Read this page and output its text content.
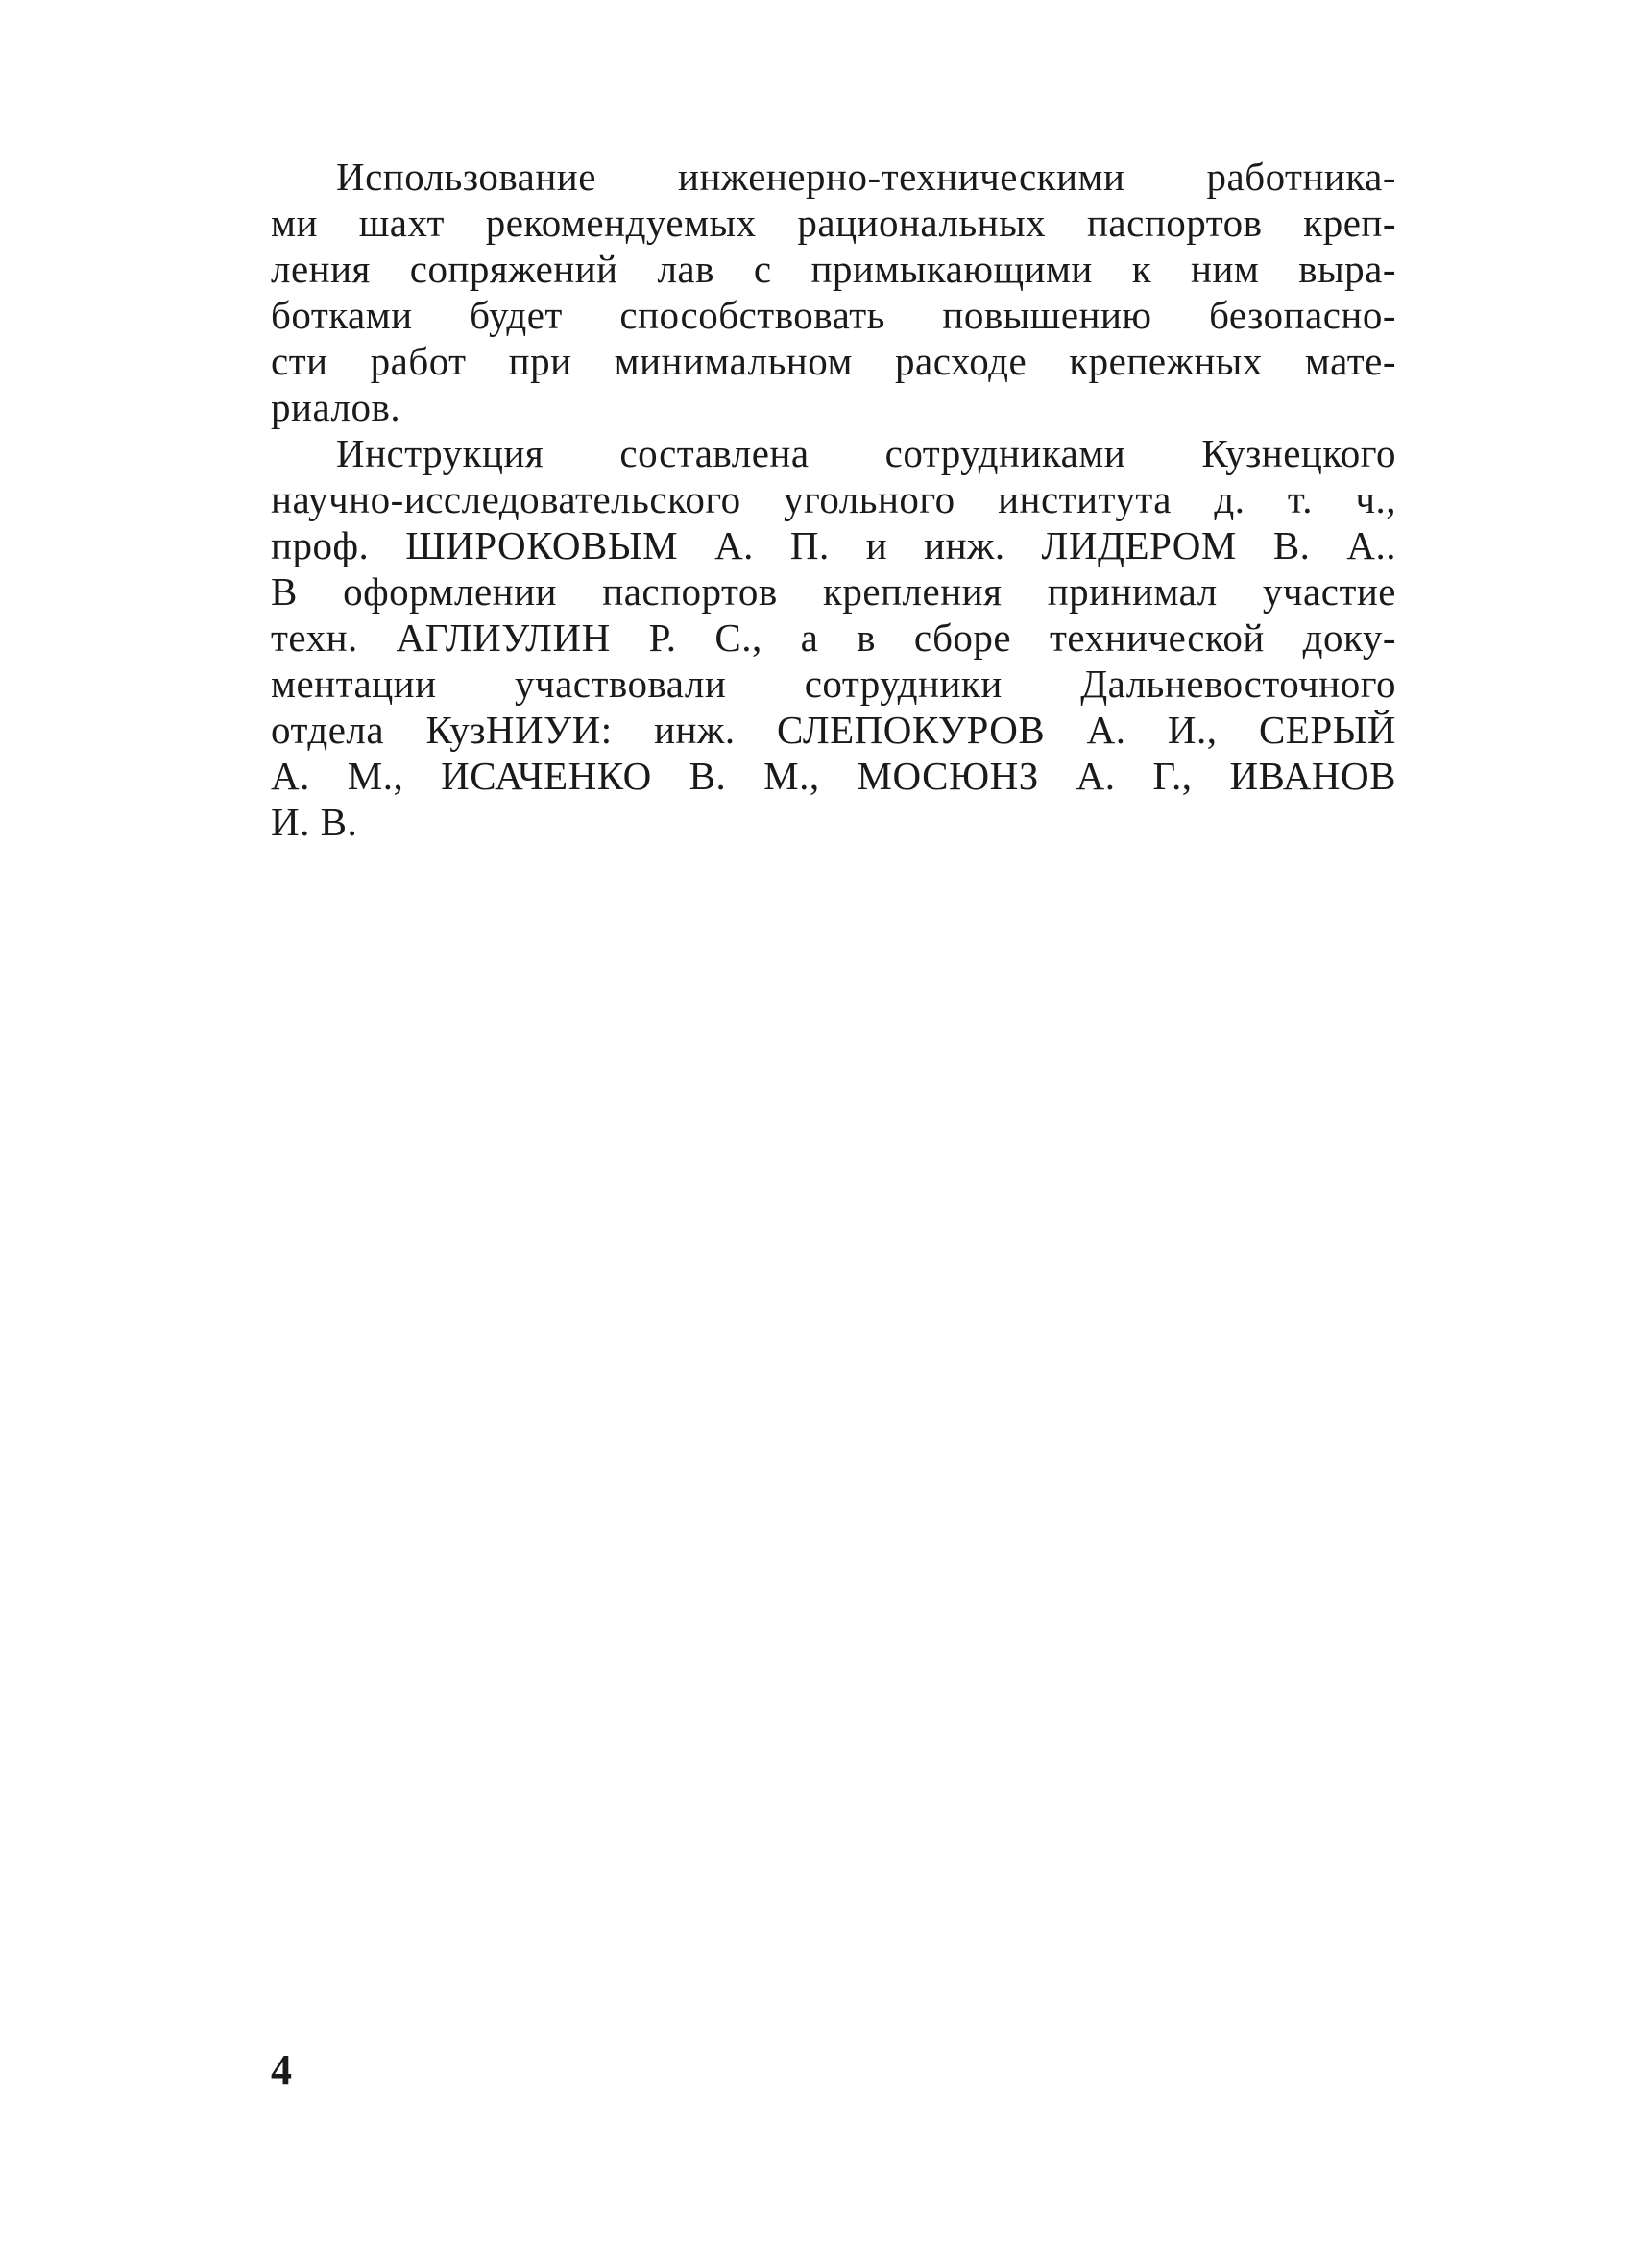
Использование инженерно-техническими работника-
ми шахт рекомендуемых рациональных паспортов креп-
ления сопряжений лав с примыкающими к ним выра-
ботками будет способствовать повышению безопасно-
сти работ при минимальном расходе крепежных мате-
риалов.
Инструкция составлена сотрудниками Кузнецкого
научно-исследовательского угольного института д. т. ч.,
проф. ШИРОКОВЫМ А. П. и инж. ЛИДЕРОМ В. А..
В оформлении паспортов крепления принимал участие
техн. АГЛИУЛИН Р. С., а в сборе технической доку-
ментации участвовали сотрудники Дальневосточного
отдела КузНИУИ: инж. СЛЕПОКУРОВ А. И., СЕРЫЙ
А. М., ИСАЧЕНКО В. М., МОСЮНЗ А. Г., ИВАНОВ
И. В.
4
